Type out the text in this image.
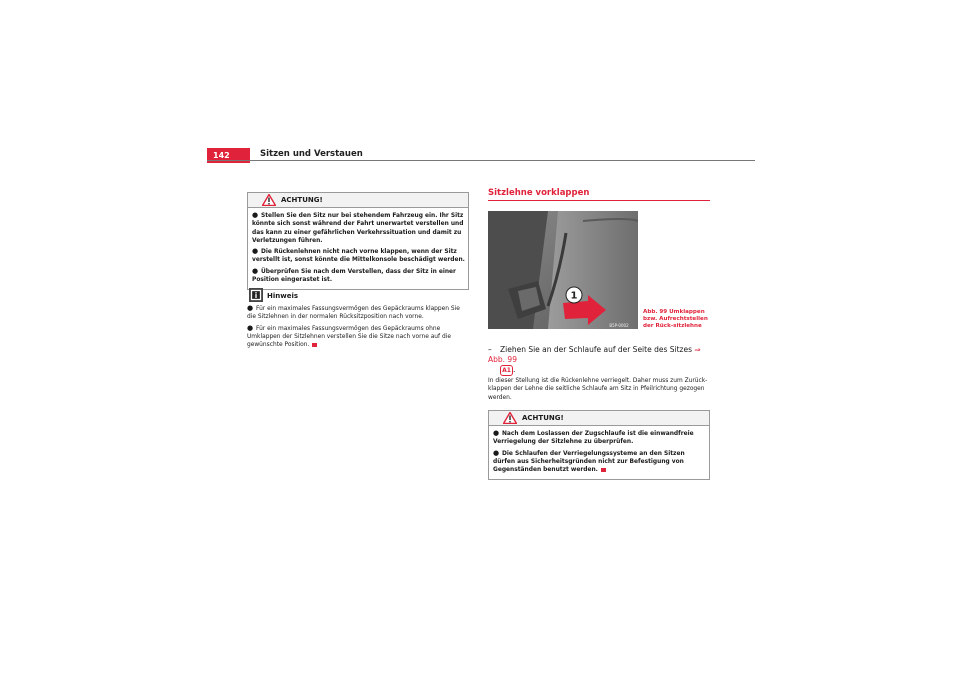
142	Sitzen und Verstauen
ACHTUNG!

● Stellen Sie den Sitz nur bei stehendem Fahrzeug ein. Ihr Sitz könnte sich sonst während der Fahrt unerwartet verstellen und das kann zu einer gefährlichen Verkehrssituation und damit zu Verletzungen führen.

● Die Rückenlehnen nicht nach vorne klappen, wenn der Sitz verstellt ist, sonst könnte die Mittelkonsole beschädigt werden.

● Überprüfen Sie nach dem Verstellen, dass der Sitz in einer Position eingerastet ist.

Hinweis

● Für ein maximales Fassungsvermögen des Gepäckraums klappen Sie die Sitzlehnen in der normalen Rücksitzposition nach vorne.

● Für ein maximales Fassungsvermögen des Gepäckraums ohne Umklappen der Sitzlehnen verstellen Sie die Sitze nach vorne auf die gewünschte Position.

Sitzlehne vorklappen
1
B5P-0002
Abb. 99 Umklappen bzw. Aufrechtstellen der Rück-sitzlehne
– Ziehen Sie an der Schlaufe auf der Seite des Sitzes ⇒ Abb. 99
A1 .
In dieser Stellung ist die Rückenlehne verriegelt. Daher muss zum Zurück-klappen der Lehne die seitliche Schlaufe am Sitz in Pfeilrichtung gezogen werden.
ACHTUNG!

● Nach dem Loslassen der Zugschlaufe ist die einwandfreie Verriegelung der Sitzlehne zu überprüfen.

● Die Schlaufen der Verriegelungssysteme an den Sitzen dürfen aus Sicherheitsgründen nicht zur Befestigung von Gegenständen benutzt werden.
